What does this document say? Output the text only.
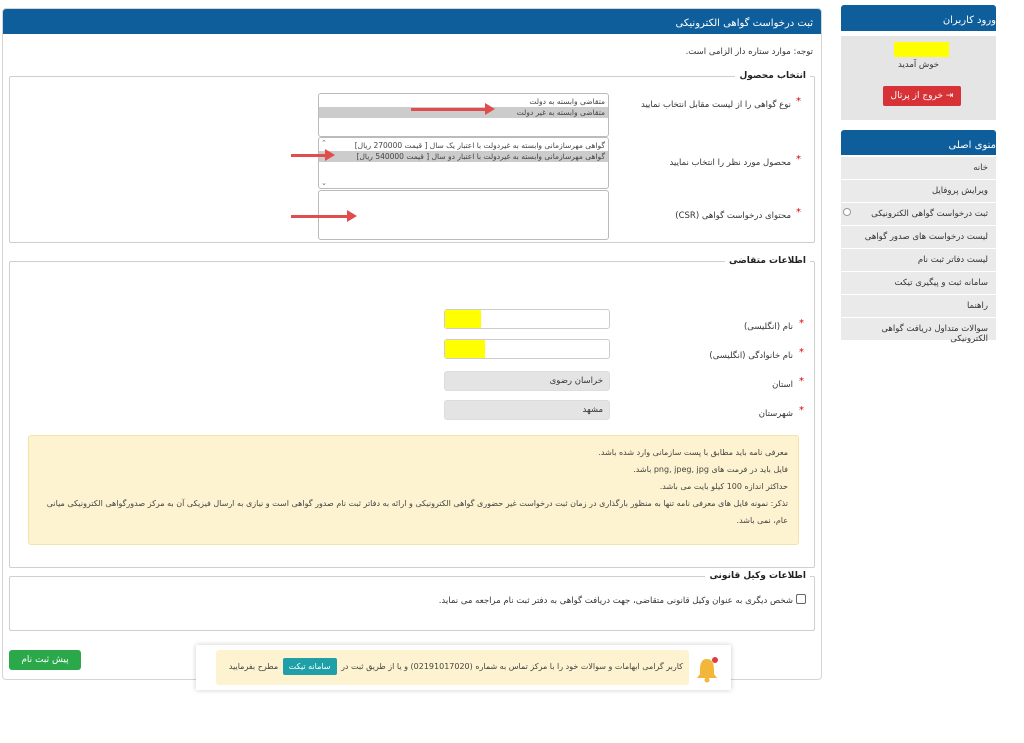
ثبت درخواست گواهی الکترونیکی
توجه: موارد ستاره دار الزامی است.
انتخاب محصول
*
نوع گواهی را از لیست مقابل انتخاب نمایید
متقاضی وابسته به دولت
متقاضی وابسته به غیر دولت
*
محصول مورد نظر را انتخاب نمایید
گواهی مهرسازمانی وابسته به غیردولت با اعتبار یک سال [ قیمت 270000 ریال]
گواهی مهرسازمانی وابسته به غیردولت با اعتبار دو سال [ قیمت 540000 ریال]
⌃
⌄
*
محتوای درخواست گواهی (CSR)
اطلاعات متقاضی
*
نام (انگلیسی)
*
نام خانوادگی (انگلیسی)
*
استان
خراسان رضوی
*
شهرستان
مشهد
معرفی نامه باید مطابق با پست سازمانی وارد شده باشد.
فایل باید در فرمت های png, jpeg, jpg باشد.
حداکثر اندازه 100 کیلو بایت می باشد.
تذکر: نمونه فایل های معرفی نامه تنها به منظور بارگذاری در زمان ثبت درخواست غیر حضوری گواهی الکترونیکی و ارائه به دفاتر ثبت نام صدور گواهی است و نیازی به ارسال فیزیکی آن به مرکز صدورگواهی الکترونیکی میانی
عام، نمی باشد.
اطلاعات وکیل قانونی
شخص دیگری به عنوان وکیل قانونی متقاضی، جهت دریافت گواهی به دفتر ثبت نام مراجعه می نماید.
پیش ثبت نام
کاربر گرامی ابهامات و سوالات خود را با مرکز تماس به شماره (02191017020) و یا از طریق ثبت در سامانه تیکت مطرح بفرمایید
ورود کاربران
خوش آمدید
⇥ خروج از پرتال
منوی اصلی
خانه
ویرایش پروفایل
ثبت درخواست گواهی الکترونیکی
لیست درخواست های صدور گواهی
لیست دفاتر ثبت نام
سامانه ثبت و پیگیری تیکت
راهنما
سوالات متداول دریافت گواهی الکترونیکی
